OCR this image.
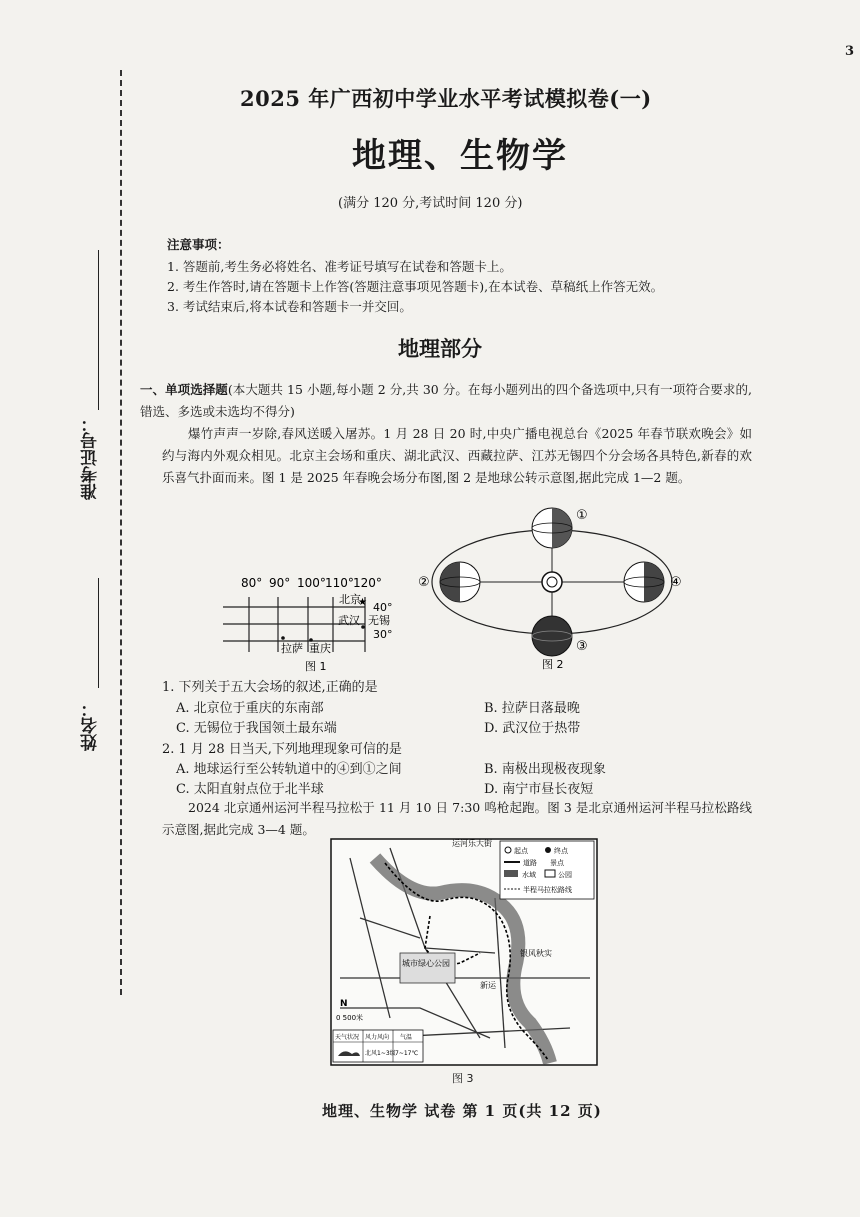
3
准考证号：
姓名：
2025 年广西初中学业水平考试模拟卷(一)
地理、生物学
(满分 120 分,考试时间 120 分)
注意事项：
1. 答题前,考生务必将姓名、准考证号填写在试卷和答题卡上。
2. 考生作答时,请在答题卡上作答(答题注意事项见答题卡),在本试卷、草稿纸上作答无效。
3. 考试结束后,将本试卷和答题卡一并交回。
地理部分
一、单项选择题(本大题共 15 小题,每小题 2 分,共 30 分。在每小题列出的四个备选项中,只有一项符合要求的,错选、多选或未选均不得分)
爆竹声声一岁除,春风送暖入屠苏。1 月 28 日 20 时,中央广播电视总台《2025 年春节联欢晚会》如约与海内外观众相见。北京主会场和重庆、湖北武汉、西藏拉萨、江苏无锡四个分会场各具特色,新春的欢乐喜气扑面而来。图 1 是 2025 年春晚会场分布图,图 2 是地球公转示意图,据此完成 1—2 题。
80° 90° 100° 110° 120°
40°
30°
北京
★
武汉 无锡
拉萨 重庆
图 1
①
②
③
④
图 2
1. 下列关于五大会场的叙述,正确的是
A. 北京位于重庆的东南部	B. 拉萨日落最晚
C. 无锡位于我国领土最东端	D. 武汉位于热带
2. 1 月 28 日当天,下列地理现象可信的是
A. 地球运行至公转轨道中的④到①之间	B. 南极出现极夜现象
C. 太阳直射点位于北半球	D. 南宁市昼长夜短
2024 北京通州运河半程马拉松于 11 月 10 日 7:30 鸣枪起跑。图 3 是北京通州运河半程马拉松路线示意图,据此完成 3—4 题。
城市绿心公园
运河乐大街
银风秋实
新运
起点	终点
道路 景点
水域	公园
半程马拉松路线
N
0 500米
天气状况 风力风向 气温
北风1~3级 7~17℃
图 3
地理、生物学 试卷 第 1 页(共 12 页)
